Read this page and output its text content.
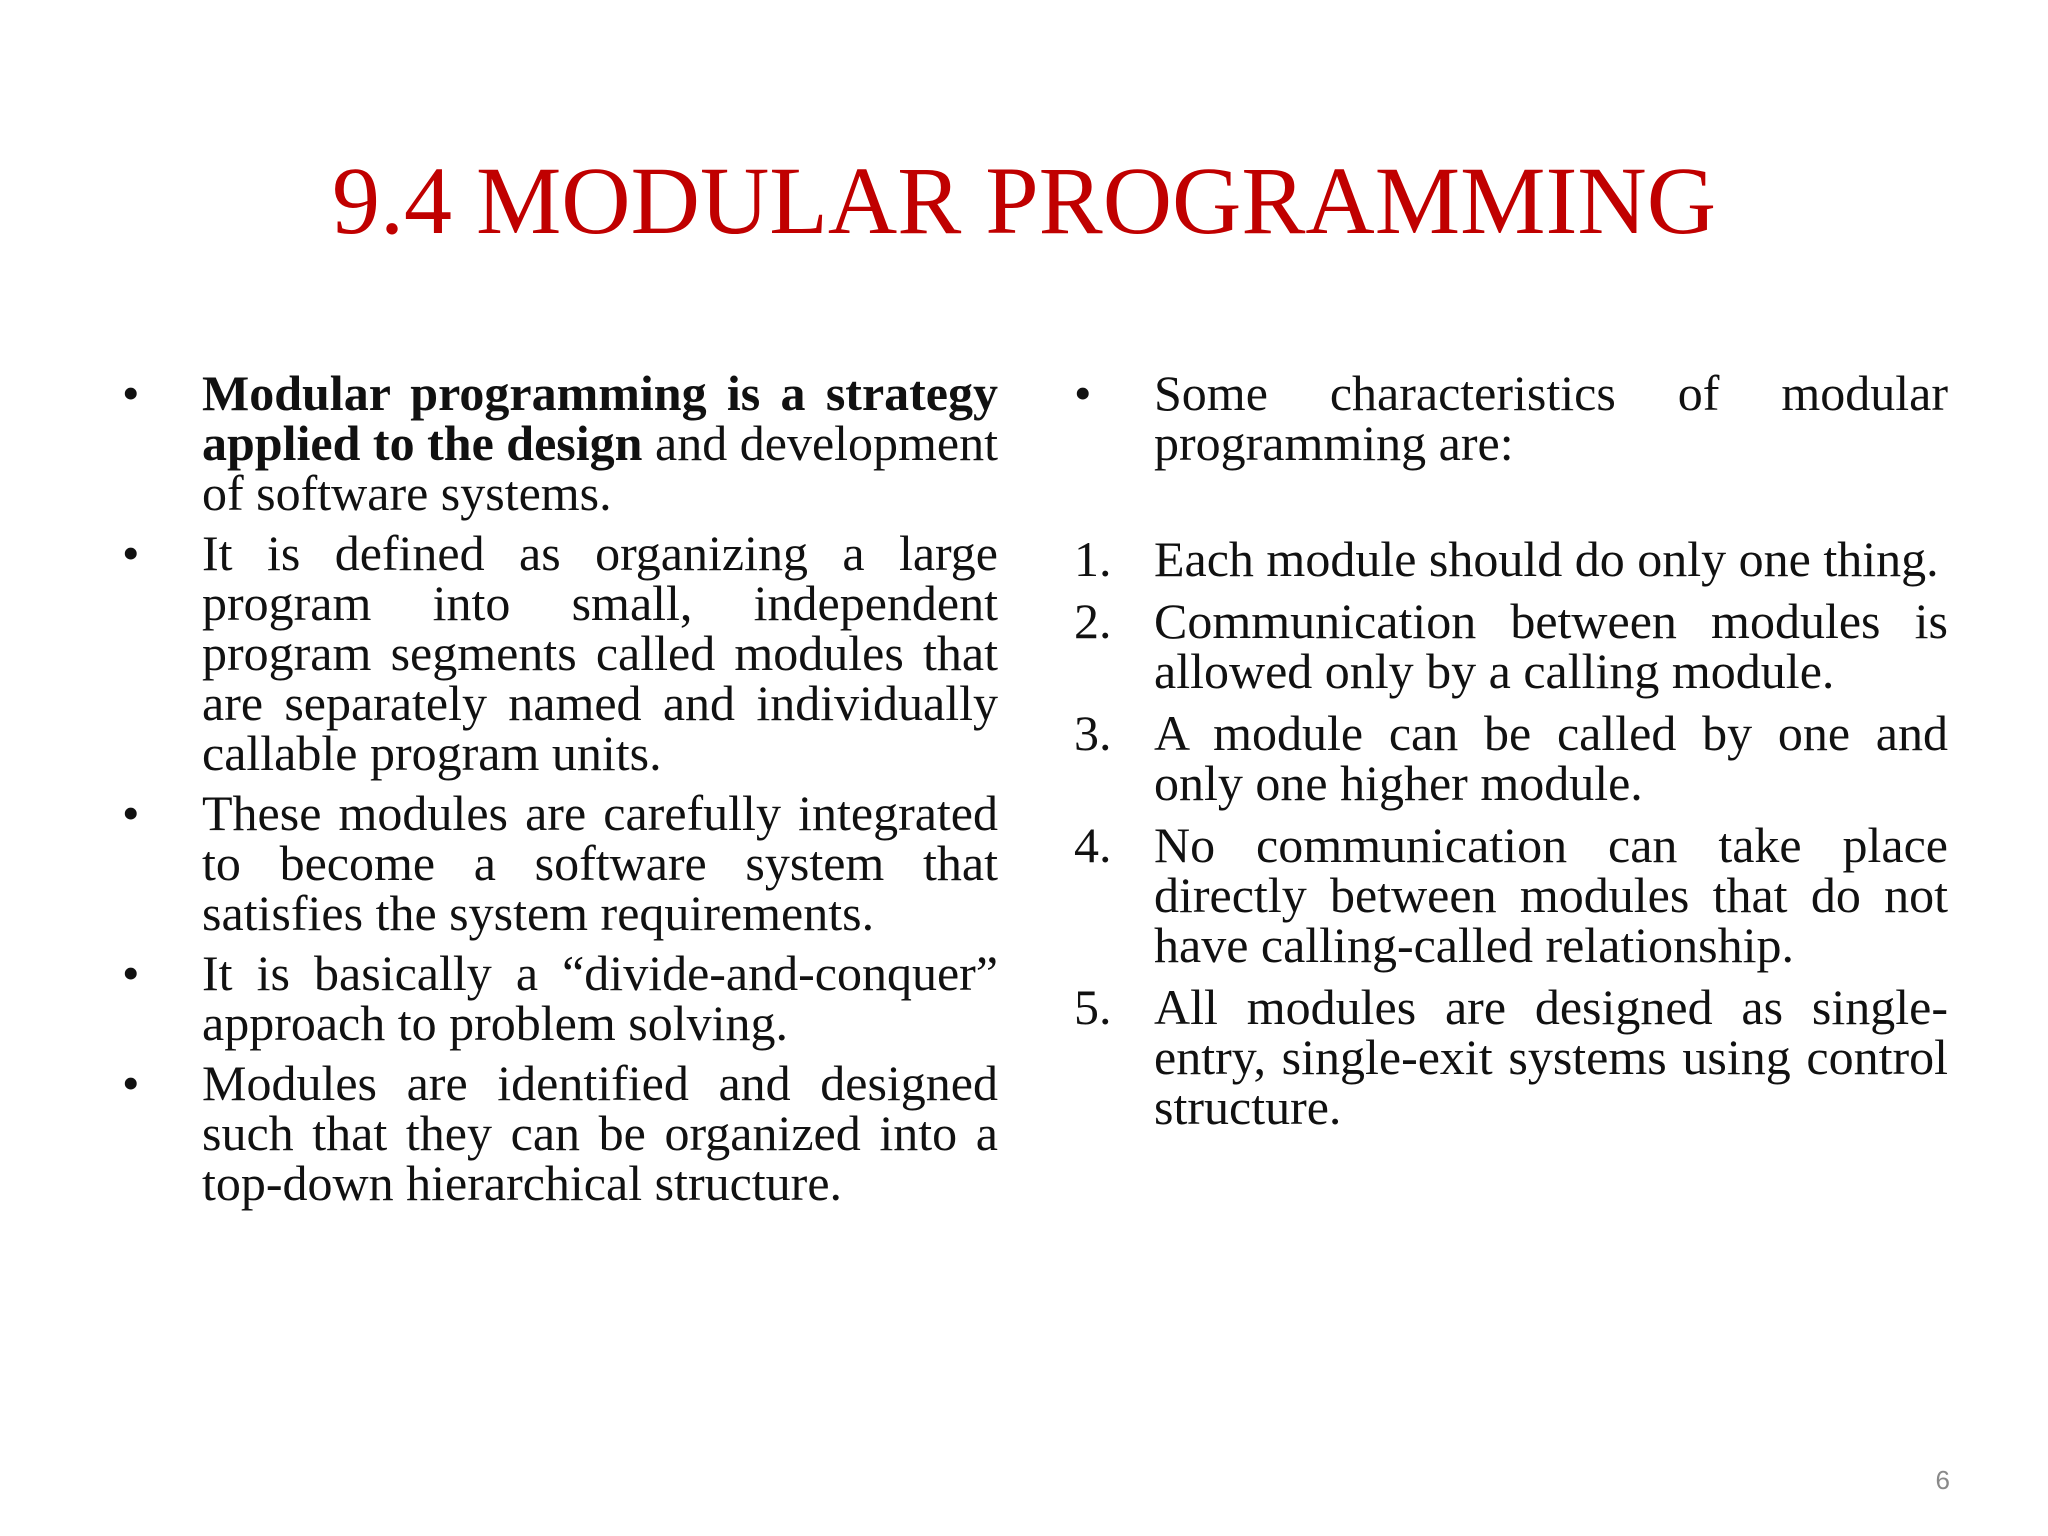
9.4 MODULAR PROGRAMMING
•	Modular programming is a strategy applied to the design and development of software systems.
•	It is defined as organizing a large program into small, independent program segments called modules that are separately named and individually callable program units.
•	These modules are carefully integrated to become a software system that satisfies the system requirements.
•	It is basically a “divide-and-conquer” approach to problem solving.
•	Modules are identified and designed such that they can be organized into a top-down hierarchical structure.
•	Some characteristics of modular programming are:
1. Each module should do only one thing.
2. Communication between modules is allowed only by a calling module.
3. A module can be called by one and only one higher module.
4. No communication can take place directly between modules that do not have calling-called relationship.
5. All modules are designed as single-entry, single-exit systems using control structure.
6
